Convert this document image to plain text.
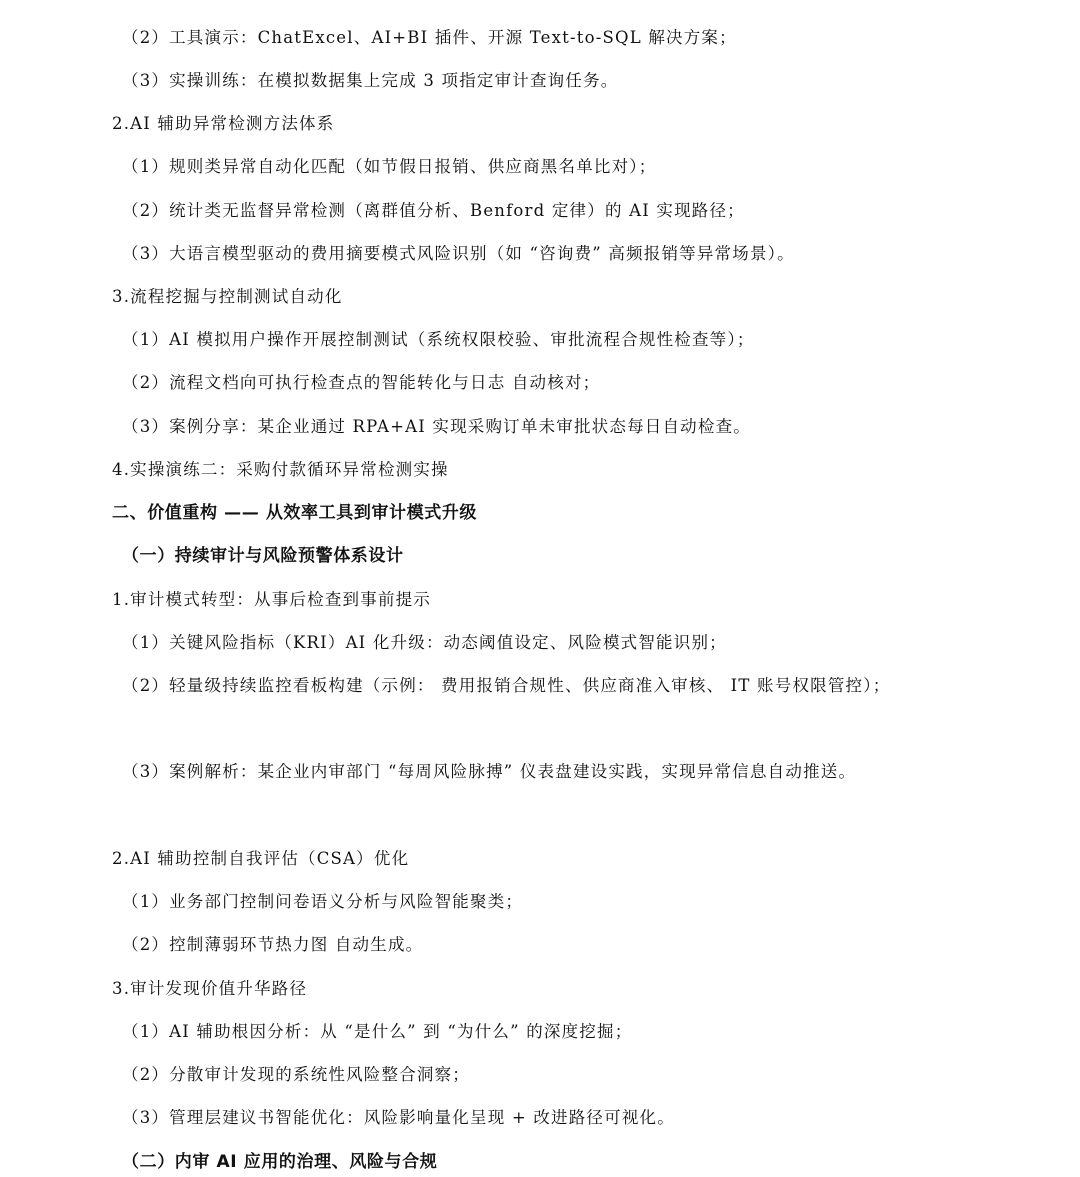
（2）工具演示：ChatExcel、AI+BI 插件、开源 Text-to-SQL 解决方案；
（3）实操训练：在模拟数据集上完成 3 项指定审计查询任务。
2.AI 辅助异常检测方法体系
（1）规则类异常自动化匹配（如节假日报销、供应商黑名单比对）；
（2）统计类无监督异常检测（离群值分析、Benford 定律）的 AI 实现路径；
（3）大语言模型驱动的费用摘要模式风险识别（如 “咨询费” 高频报销等异常场景）。
3.流程挖掘与控制测试自动化
（1）AI 模拟用户操作开展控制测试（系统权限校验、审批流程合规性检查等）；
（2）流程文档向可执行检查点的智能转化与日志 自动核对；
（3）案例分享：某企业通过 RPA+AI 实现采购订单未审批状态每日自动检查。
4.实操演练二：采购付款循环异常检测实操
二、价值重构 —— 从效率工具到审计模式升级
（一）持续审计与风险预警体系设计
1.审计模式转型：从事后检查到事前提示
（1）关键风险指标（KRI）AI 化升级：动态阈值设定、风险模式智能识别；
（2）轻量级持续监控看板构建（示例： 费用报销合规性、供应商准入审核、 IT 账号权限管控）；
（3）案例解析：某企业内审部门 “每周风险脉搏” 仪表盘建设实践，实现异常信息自动推送。
2.AI 辅助控制自我评估（CSA）优化
（1）业务部门控制问卷语义分析与风险智能聚类；
（2）控制薄弱环节热力图 自动生成。
3.审计发现价值升华路径
（1）AI 辅助根因分析：从 “是什么” 到 “为什么” 的深度挖掘；
（2）分散审计发现的系统性风险整合洞察；
（3）管理层建议书智能优化：风险影响量化呈现 + 改进路径可视化。
（二）内审 AI 应用的治理、风险与合规
